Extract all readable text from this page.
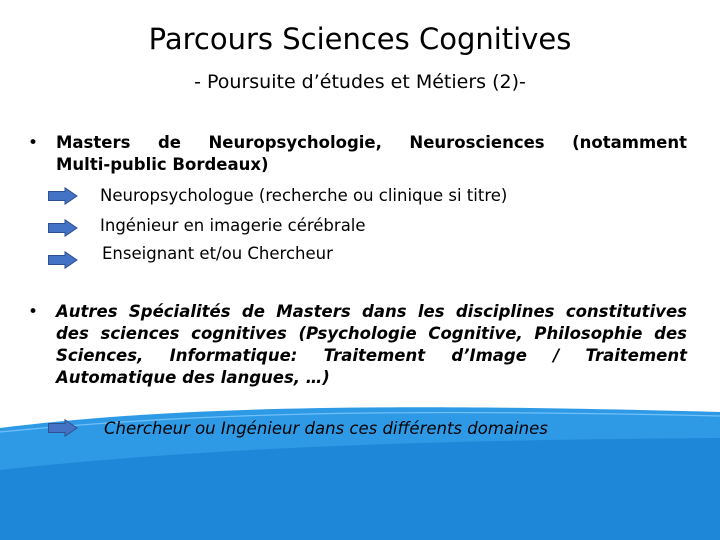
Parcours Sciences Cognitives
- Poursuite d’études et Métiers (2)-
• Masters de Neuropsychologie, Neurosciences (notamment
Multi-public Bordeaux)
Neuropsychologue (recherche ou clinique si titre)
Ingénieur en imagerie cérébrale
Enseignant et/ou Chercheur
• Autres Spécialités de Masters dans les disciplines constitutives
des sciences cognitives (Psychologie Cognitive, Philosophie des
Sciences, Informatique: Traitement d’Image / Traitement
Automatique des langues, …)
Chercheur ou Ingénieur dans ces différents domaines
